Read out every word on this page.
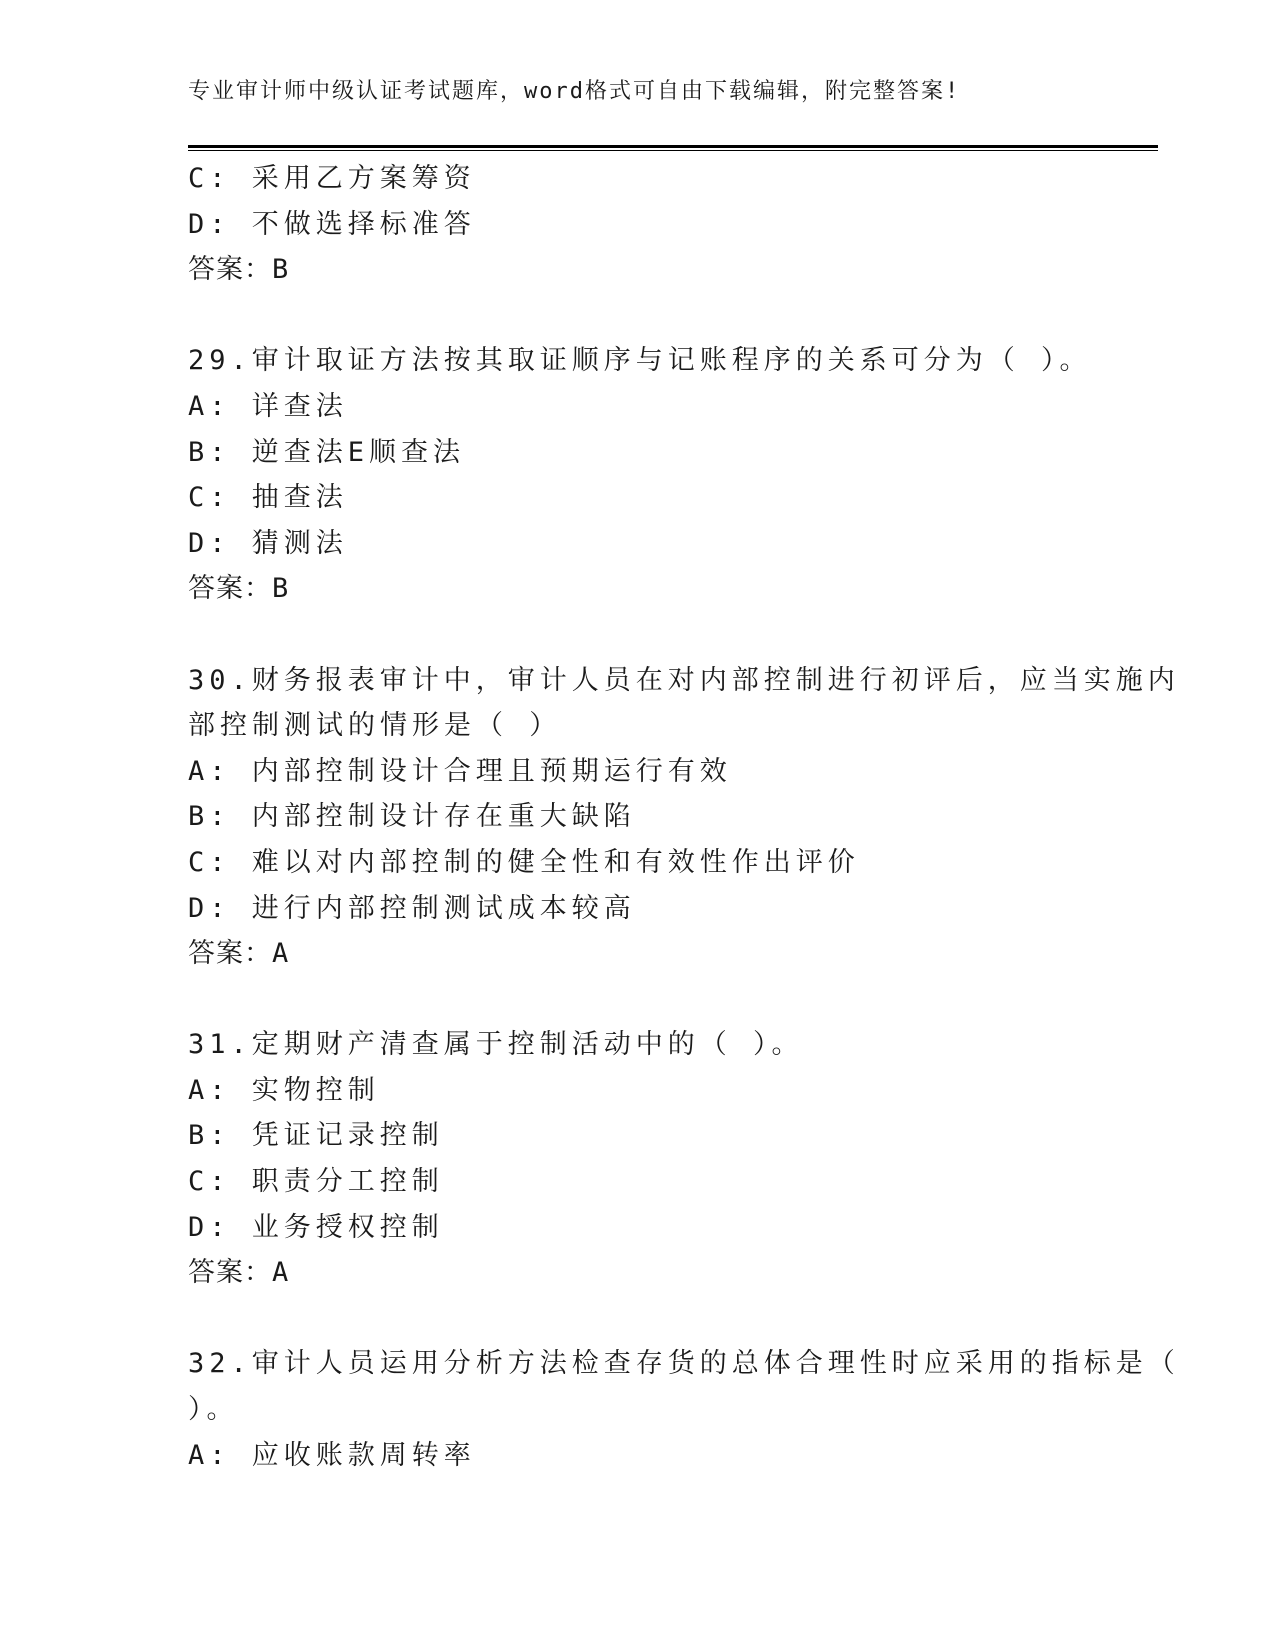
专业审计师中级认证考试题库，word格式可自由下载编辑，附完整答案!
C: 采用乙方案筹资
D: 不做选择标准答
答案：B
29.审计取证方法按其取证顺序与记账程序的关系可分为（ ）。
A: 详查法
B: 逆查法E顺查法
C: 抽查法
D: 猜测法
答案：B
30.财务报表审计中，审计人员在对内部控制进行初评后，应当实施内
部控制测试的情形是（ ）
A: 内部控制设计合理且预期运行有效
B: 内部控制设计存在重大缺陷
C: 难以对内部控制的健全性和有效性作出评价
D: 进行内部控制测试成本较高
答案：A
31.定期财产清查属于控制活动中的（ ）。
A: 实物控制
B: 凭证记录控制
C: 职责分工控制
D: 业务授权控制
答案：A
32.审计人员运用分析方法检查存货的总体合理性时应采用的指标是（
）。
A: 应收账款周转率
